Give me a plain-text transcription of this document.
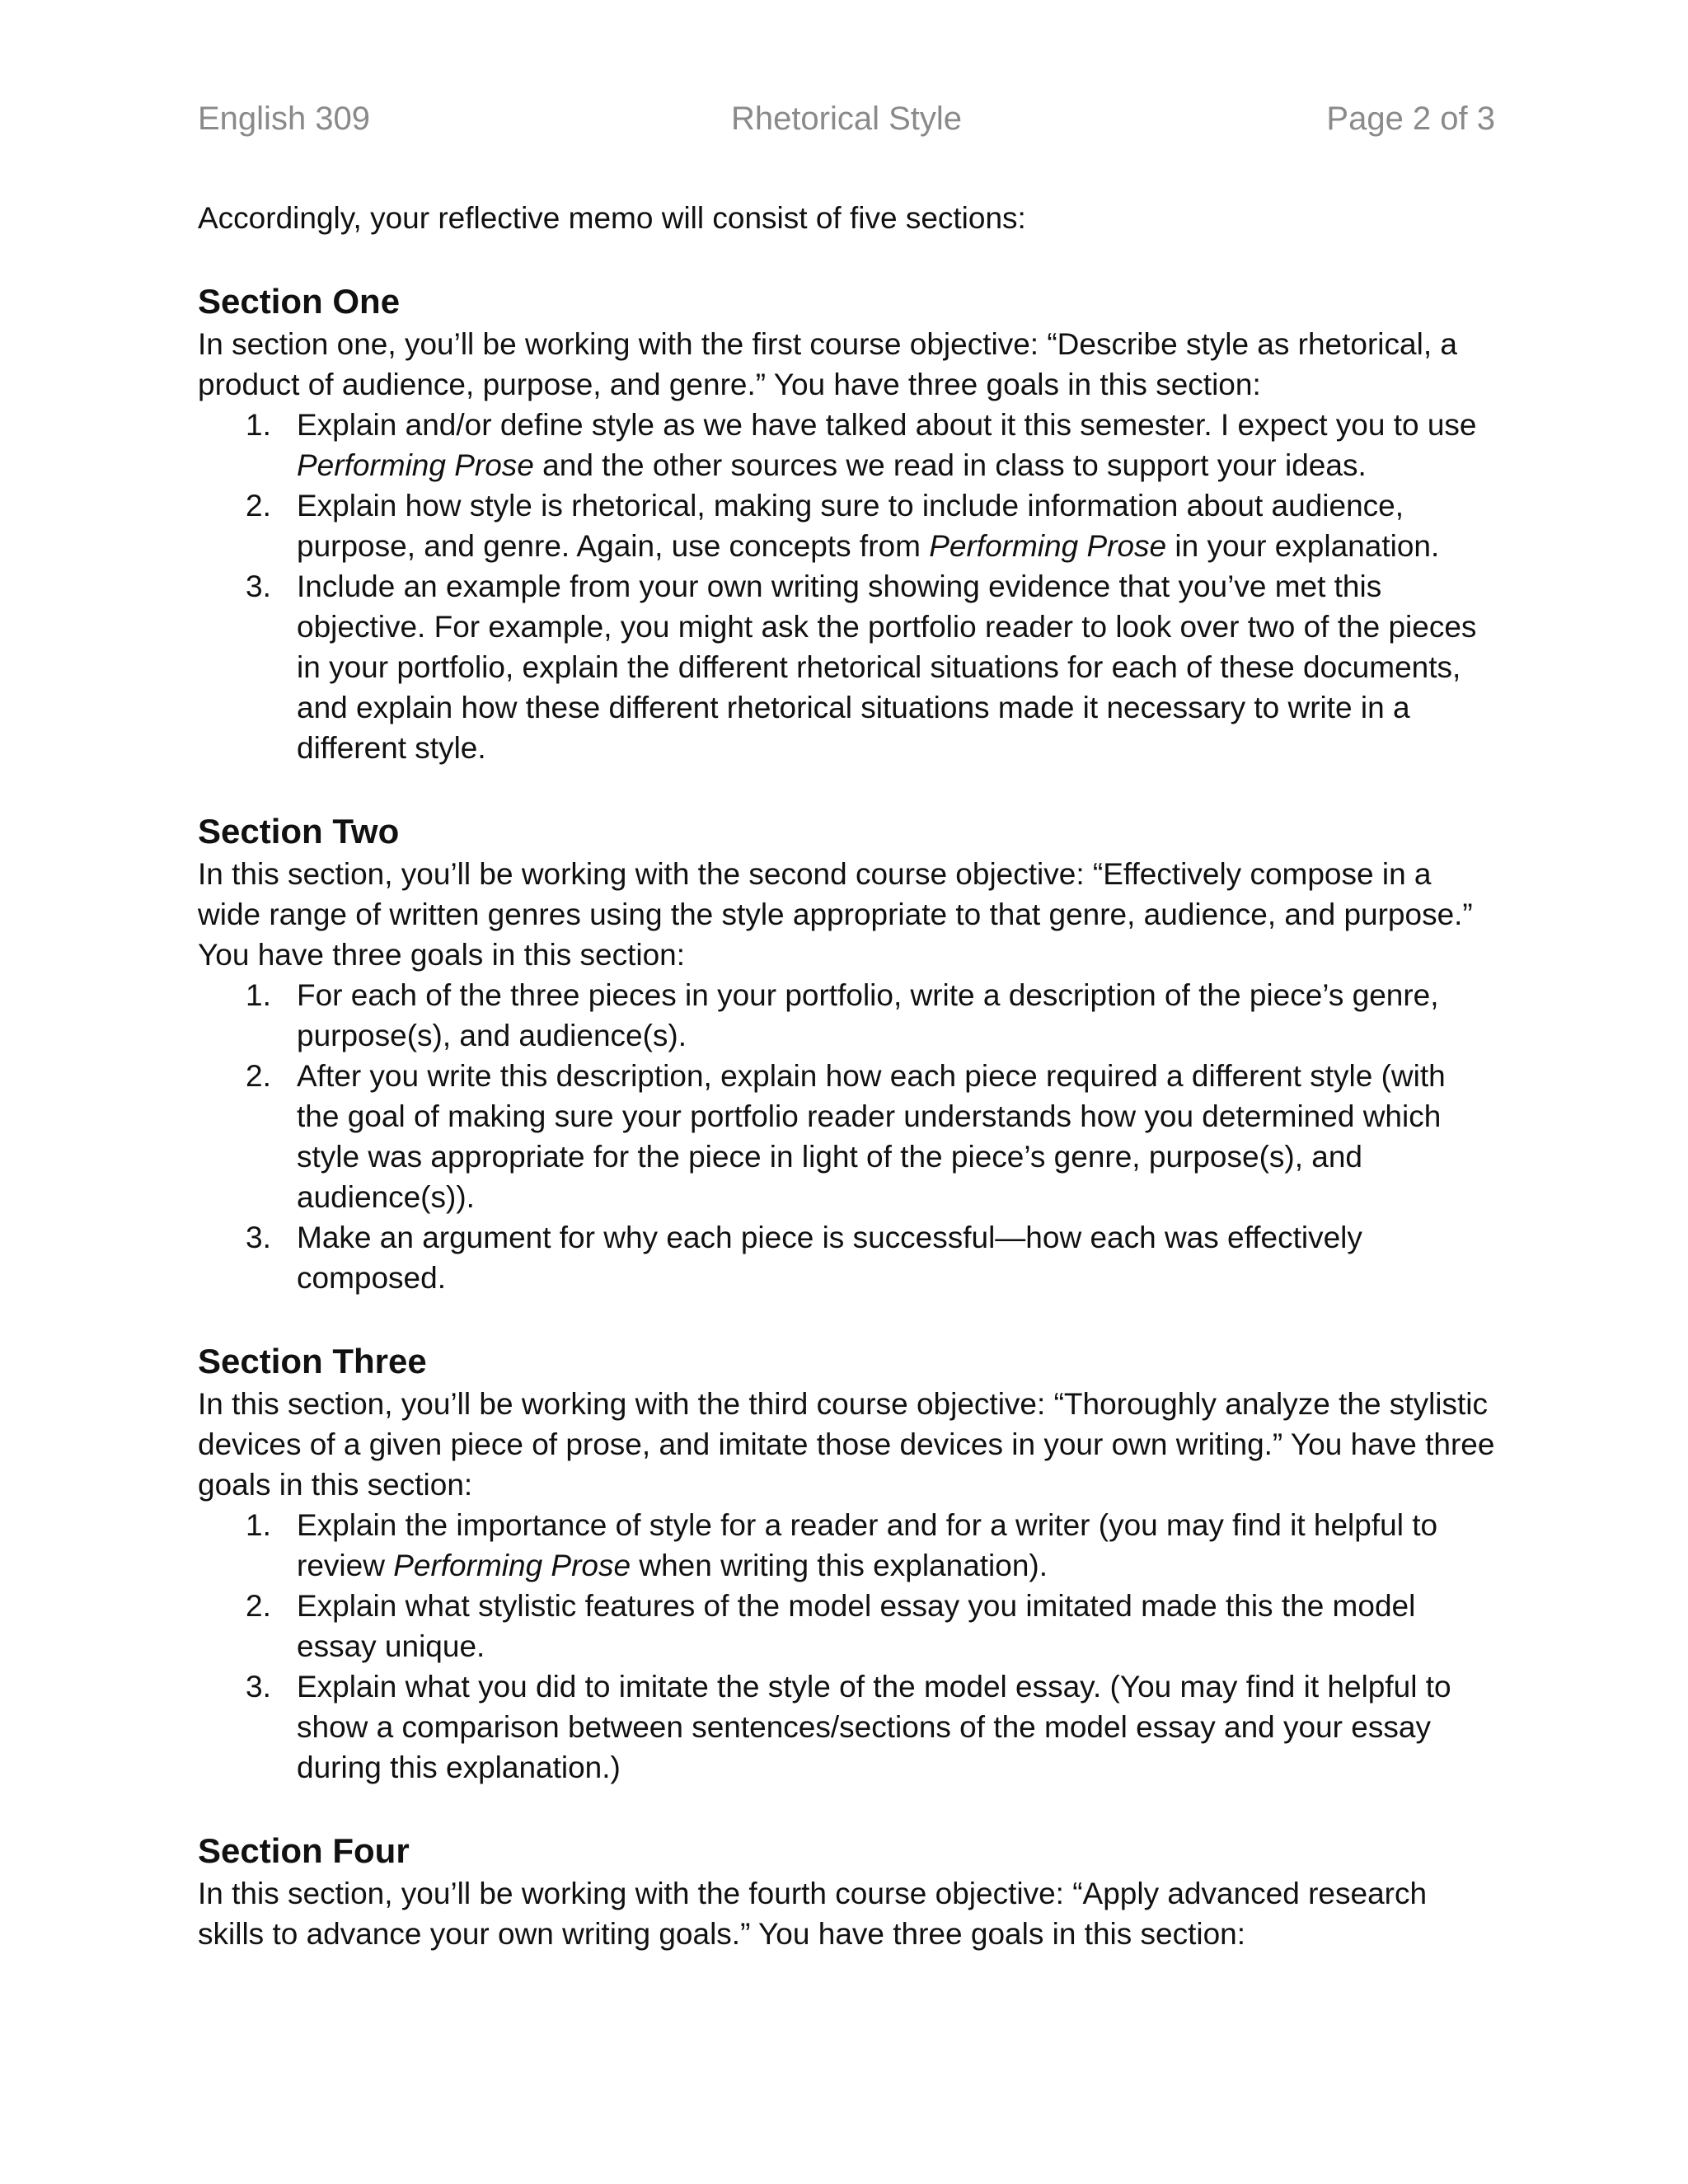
English 309	Rhetorical Style	Page 2 of 3

Accordingly, your reflective memo will consist of five sections:

Section One

In section one, you’ll be working with the first course objective: “Describe style as rhetorical, a product of audience, purpose, and genre.” You have three goals in this section:

1. Explain and/or define style as we have talked about it this semester. I expect you to use Performing Prose and the other sources we read in class to support your ideas.
2. Explain how style is rhetorical, making sure to include information about audience, purpose, and genre. Again, use concepts from Performing Prose in your explanation.
3. Include an example from your own writing showing evidence that you’ve met this objective. For example, you might ask the portfolio reader to look over two of the pieces in your portfolio, explain the different rhetorical situations for each of these documents, and explain how these different rhetorical situations made it necessary to write in a different style.
Section Two

In this section, you’ll be working with the second course objective: “Effectively compose in a wide range of written genres using the style appropriate to that genre, audience, and purpose.” You have three goals in this section:

1. For each of the three pieces in your portfolio, write a description of the piece’s genre, purpose(s), and audience(s).
2. After you write this description, explain how each piece required a different style (with the goal of making sure your portfolio reader understands how you determined which style was appropriate for the piece in light of the piece’s genre, purpose(s), and audience(s)).
3. Make an argument for why each piece is successful—how each was effectively composed.
Section Three

In this section, you’ll be working with the third course objective: “Thoroughly analyze the stylistic devices of a given piece of prose, and imitate those devices in your own writing.” You have three goals in this section:

1. Explain the importance of style for a reader and for a writer (you may find it helpful to review Performing Prose when writing this explanation).
2. Explain what stylistic features of the model essay you imitated made this the model essay unique.
3. Explain what you did to imitate the style of the model essay. (You may find it helpful to show a comparison between sentences/sections of the model essay and your essay during this explanation.)
Section Four

In this section, you’ll be working with the fourth course objective: “Apply advanced research skills to advance your own writing goals.” You have three goals in this section:
